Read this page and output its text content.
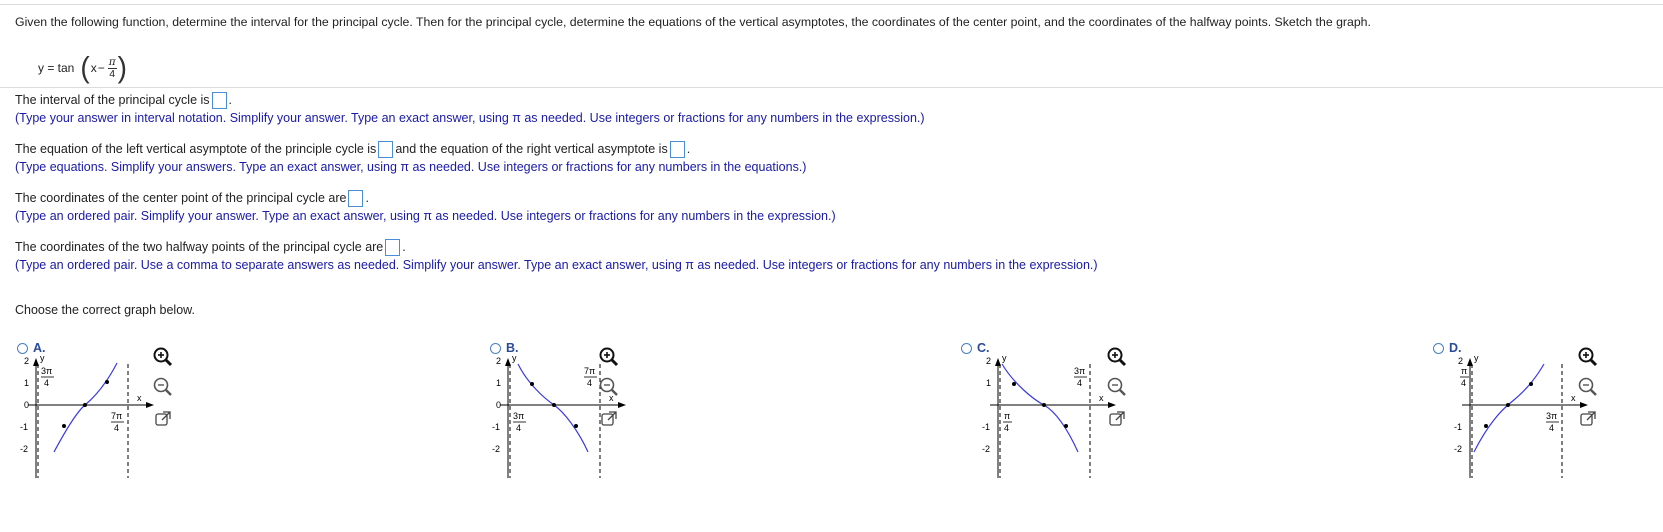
Given the following function, determine the interval for the principal cycle. Then for the principal cycle, determine the equations of the vertical asymptotes, the coordinates of the center point, and the coordinates of the halfway points. Sketch the graph.
y = tan ( $x - \frac{\pi}{4}$ )
The interval of the principal cycle is .
(Type your answer in interval notation. Simplify your answer. Type an exact answer, using π as needed. Use integers or fractions for any numbers in the expression.)
The equation of the left vertical asymptote of the principle cycle is and the equation of the right vertical asymptote is .
(Type equations. Simplify your answers. Type an exact answer, using π as needed. Use integers or fractions for any numbers in the equations.)
The coordinates of the center point of the principal cycle are .
(Type an ordered pair. Simplify your answer. Type an exact answer, using π as needed. Use integers or fractions for any numbers in the expression.)
The coordinates of the two halfway points of the principal cycle are .
(Type an ordered pair. Use a comma to separate answers as needed. Simplify your answer. Type an exact answer, using π as needed. Use integers or fractions for any numbers in the expression.)
Choose the correct graph below.
A.
2
1
0
-1
-2
y
x
3π
4
7π
4
B.
2
1
0
-1
-2
y
x
3π
4
7π
4
C.
2
1
-1
-2
y
x
π
4
3π
4
D.
2
-1
-2
y
x
π
4
3π
4
